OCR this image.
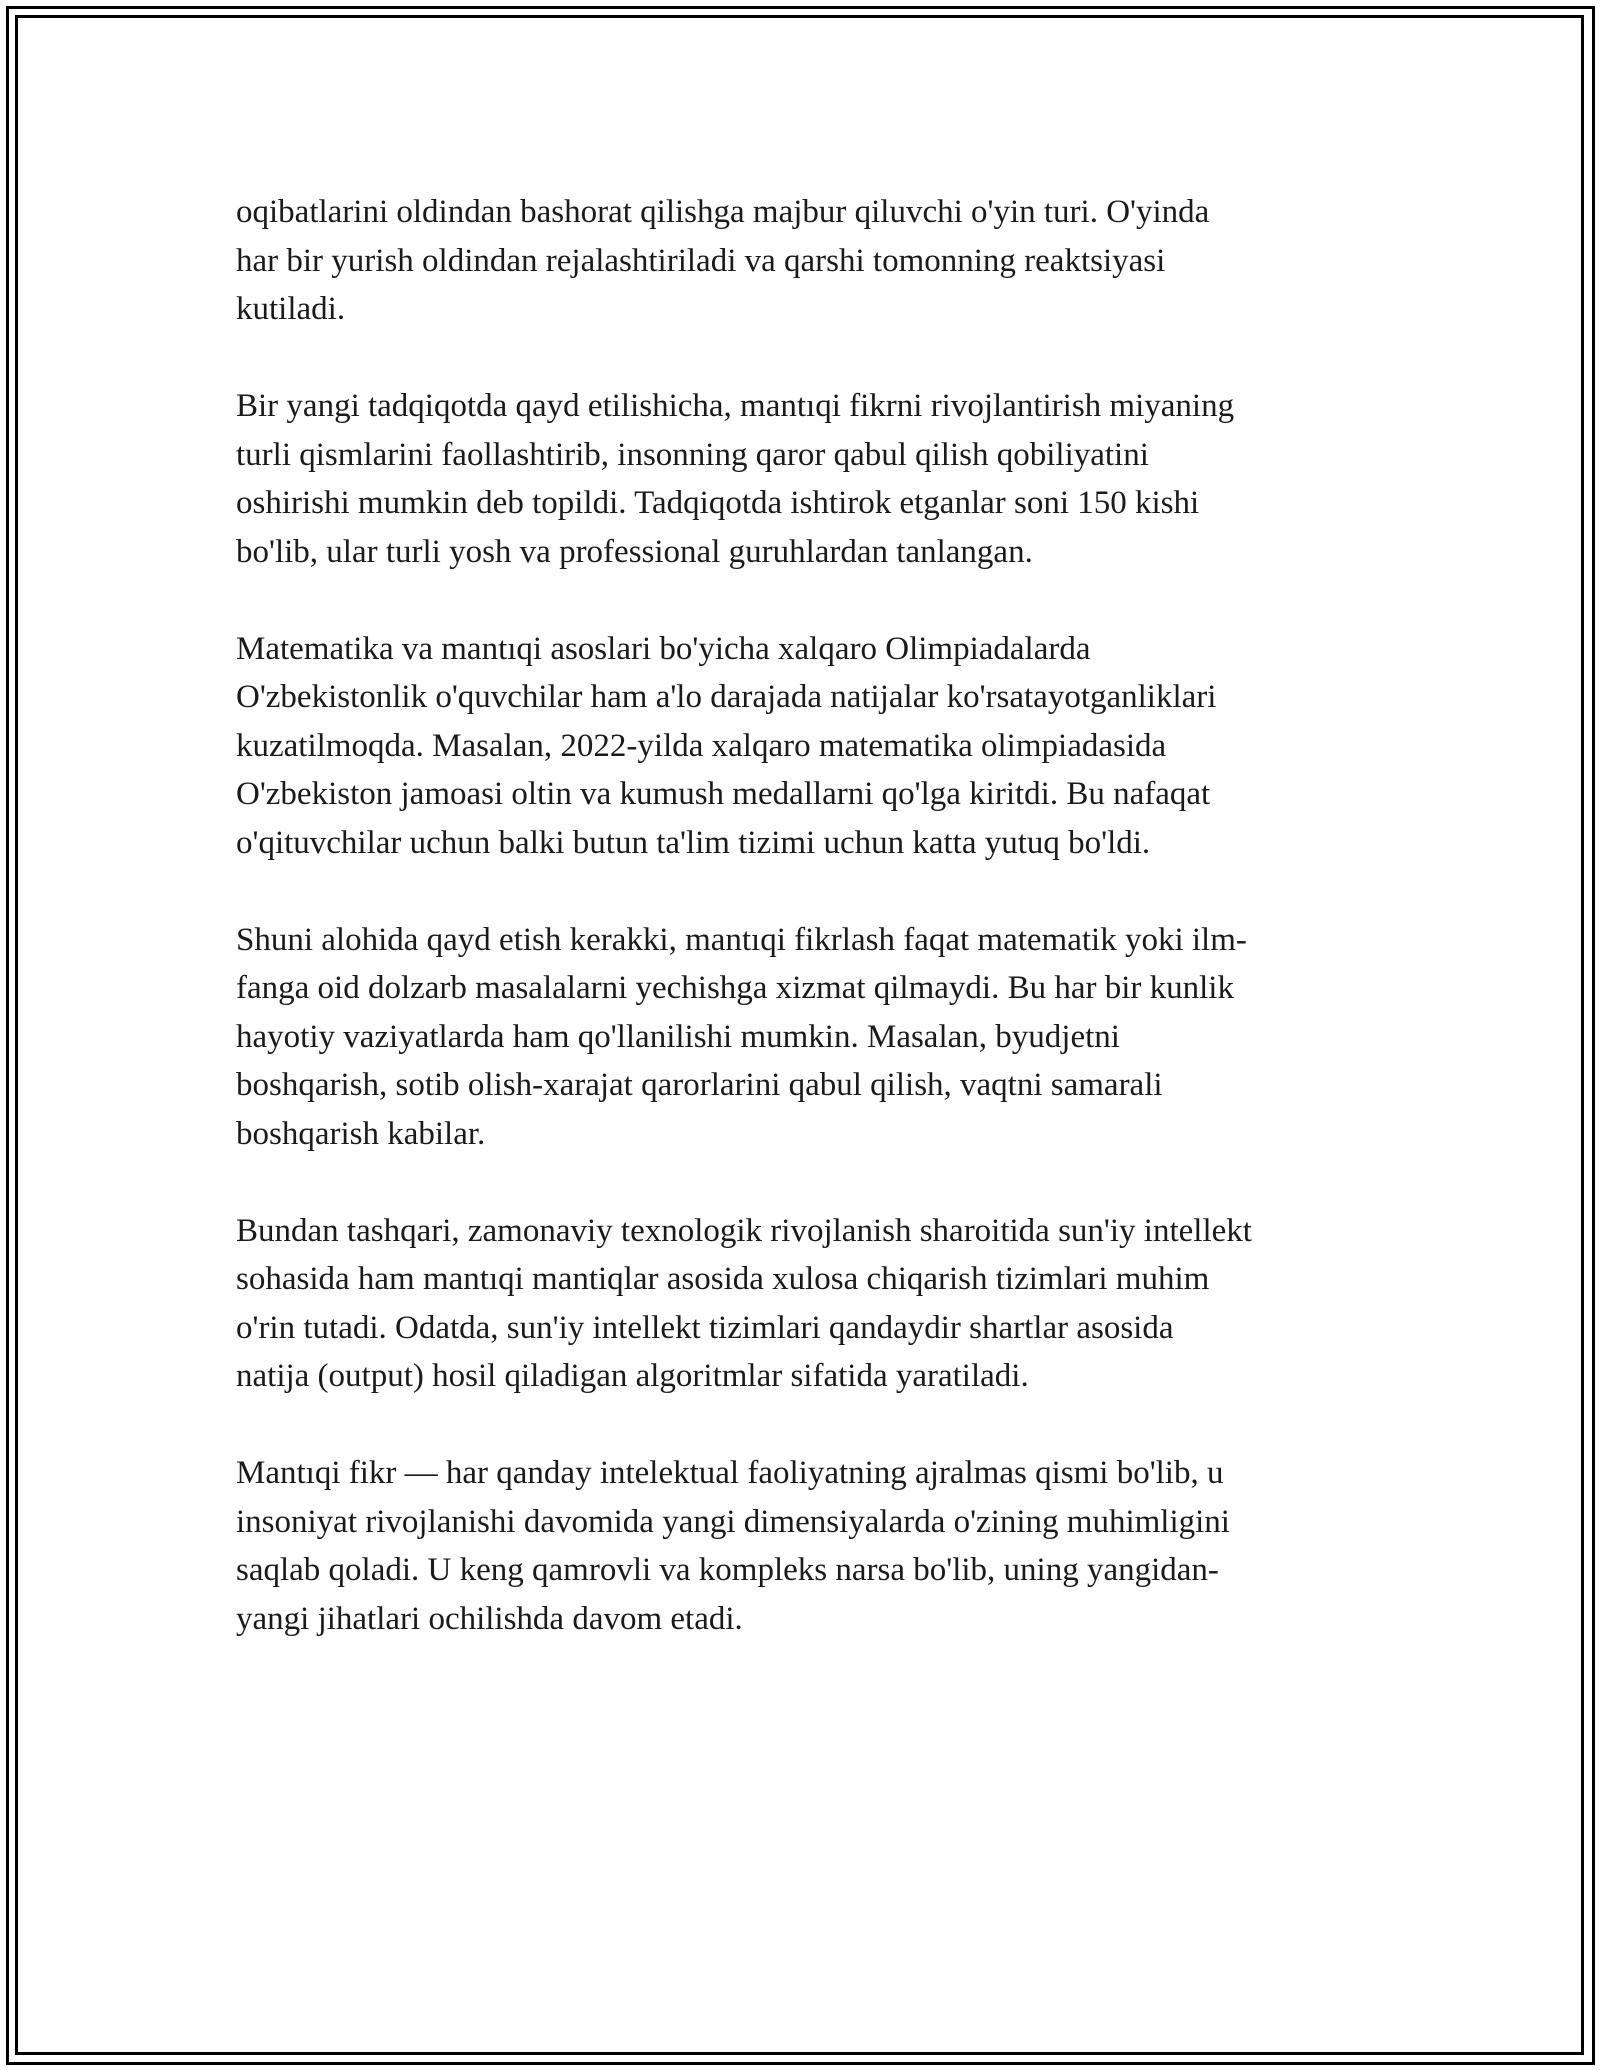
oqibatlarini oldindan bashorat qilishga majbur qiluvchi o'yin turi. O'yinda
har bir yurish oldindan rejalashtiriladi va qarshi tomonning reaktsiyasi
kutiladi.

Bir yangi tadqiqotda qayd etilishicha, mantıqi fikrni rivojlantirish miyaning
turli qismlarini faollashtirib, insonning qaror qabul qilish qobiliyatini
oshirishi mumkin deb topildi. Tadqiqotda ishtirok etganlar soni 150 kishi
bo'lib, ular turli yosh va professional guruhlardan tanlangan.

Matematika va mantıqi asoslari bo'yicha xalqaro Olimpiadalarda
O'zbekistonlik o'quvchilar ham a'lo darajada natijalar ko'rsatayotganliklari
kuzatilmoqda. Masalan, 2022-yilda xalqaro matematika olimpiadasida
O'zbekiston jamoasi oltin va kumush medallarni qo'lga kiritdi. Bu nafaqat
o'qituvchilar uchun balki butun ta'lim tizimi uchun katta yutuq bo'ldi.

Shuni alohida qayd etish kerakki, mantıqi fikrlash faqat matematik yoki ilm-
fanga oid dolzarb masalalarni yechishga xizmat qilmaydi. Bu har bir kunlik
hayotiy vaziyatlarda ham qo'llanilishi mumkin. Masalan, byudjetni
boshqarish, sotib olish-xarajat qarorlarini qabul qilish, vaqtni samarali
boshqarish kabilar.

Bundan tashqari, zamonaviy texnologik rivojlanish sharoitida sun'iy intellekt
sohasida ham mantıqi mantiqlar asosida xulosa chiqarish tizimlari muhim
o'rin tutadi. Odatda, sun'iy intellekt tizimlari qandaydir shartlar asosida
natija (output) hosil qiladigan algoritmlar sifatida yaratiladi.

Mantıqi fikr — har qanday intelektual faoliyatning ajralmas qismi bo'lib, u
insoniyat rivojlanishi davomida yangi dimensiyalarda o'zining muhimligini
saqlab qoladi. U keng qamrovli va kompleks narsa bo'lib, uning yangidan-
yangi jihatlari ochilishda davom etadi.
